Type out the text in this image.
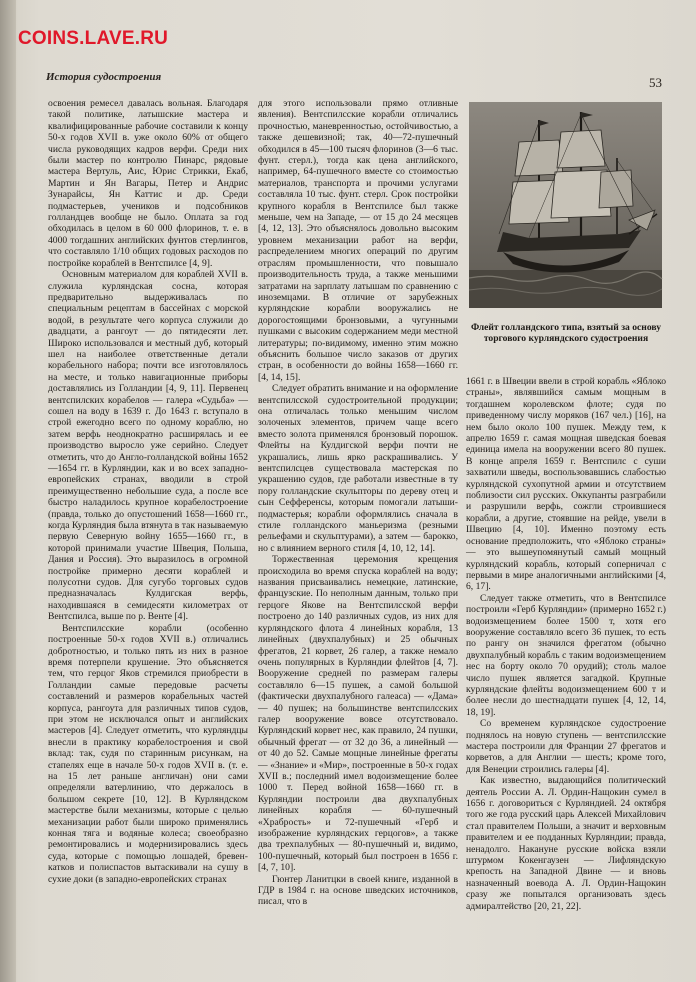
COINS.LAVE.RU
История судостроения	53

освоения ремесел давалась вольная. Благодаря такой политике, латышские мастера и квалифицированные рабочие составили к концу 50-х годов XVII в. уже около 60% от общего числа руководящих кадров верфи. Среди них были мастер по контролю Пинарс, рядовые мастера Вертуль, Аис, Юрис Стрикки, Екаб, Мартин и Ян Вагары, Петер и Андрис Зунарайсы, Ян Каттис и др. Среди подмастерьев, учеников и подсобников голландцев вообще не было. Оплата за год обходилась в целом в 60 000 флоринов, т. е. в 4000 тогдашних английских фунтов стерлингов, что составляло 1/10 общих годовых расходов по постройке кораблей в Вентспилсе [4, 9].

Основным материалом для кораблей XVII в. служила курляндская сосна, которая предварительно выдерживалась по специальным рецептам в бассейнах с морской водой, в результате чего корпуса служили до двадцати, а рангоут — до пятидесяти лет. Широко использовался и местный дуб, который шел на наиболее ответственные детали корабельного набора; почти все изготовлялось на месте, и только навигационные приборы доставлялись из Голландии [4, 9, 11]. Первенец вентспилских корабелов — галера «Судьба» — сошел на воду в 1639 г. До 1643 г. вступало в строй ежегодно всего по одному кораблю, но затем верфь неоднократно расширялась и ее производство выросло уже серийно. Следует отметить, что до Англо-голландской войны 1652—1654 гг. в Курляндии, как и во всех западно-европейских странах, вводили в строй преимущественно небольшие суда, а после все быстро наладилось крупное корабелостроение (правда, только до опустошений 1658—1660 гг., когда Курляндия была втянута в так называемую первую Северную войну 1655—1660 гг., в которой принимали участие Швеция, Польша, Дания и Россия). Это выразилось в огромной постройке примерно десяти кораблей и полусотни судов. Для сугубо торговых судов предназначалась Кулдигская верфь, находившаяся в семидесяти километрах от Вентспилса, выше по р. Венте [4].

Вентспилсские корабли (особенно построенные 50-х годов XVII в.) отличались добротностью, и только пять из них в разное время потерпели крушение. Это объясняется тем, что герцог Яков стремился приобрести в Голландии самые передовые расчеты составлений и размеров корабельных частей корпуса, рангоута для различных типов судов, при этом не исключался опыт и английских мастеров [4]. Следует отметить, что курляндцы внесли в практику корабелостроения и свой вклад: так, судя по старинным рисункам, на стапелях еще в начале 50-х годов XVII в. (т. е. на 15 лет раньше англичан) они сами определяли ватерлинию, что держалось в большом секрете [10, 12]. В Курляндском мастерстве были механизмы, которые с целью механизации работ были широко применялись конная тяга и водяные колеса; своеобразно ремонтировались и модернизировались здесь суда, которые с помощью лошадей, бревен-катков и полиспастов вытаскивали на сушу в сухие доки (в западно-европейских странах

для этого использовали прямо отливные явления). Вентспилсские корабли отличались прочностью, маневренностью, остойчивостью, а также дешевизной; так, 40—72-пушечный обходился в 45—100 тысяч флоринов (3—6 тыс. фунт. стерл.), тогда как цена английского, например, 64-пушечного вместе со стоимостью материалов, транспорта и прочими услугами составляла 10 тыс. фунт. стерл. Срок постройки крупного корабля в Вентспилсе был также меньше, чем на Западе, — от 15 до 24 месяцев [4, 12, 13]. Это объяснялось довольно высоким уровнем механизации работ на верфи, распределением многих операций по другим отраслям промышленности, что повышало производительность труда, а также меньшими затратами на зарплату латышам по сравнению с иноземцами. В отличие от зарубежных курляндские корабли вооружались не дорогостоящими бронзовыми, а чугунными пушками с высоким содержанием меди местной литературы; по-видимому, именно этим можно объяснить большое число заказов от других стран, в особенности до войны 1658—1660 гг. [4, 14, 15].

Следует обратить внимание и на оформление вентспилсской судостроительной продукции; она отличалась только меньшим числом золоченых элементов, причем чаще всего вместо золота применялся бронзовый порошок. Флейты на Кулдигской верфи почти не украшались, лишь ярко раскрашивались. У вентспилсцев существовала мастерская по украшению судов, где работали известные в ту пору голландские скульпторы по дереву отец и сын Сефференсы, которым помогали латыши-подмастерья; корабли оформлялись сначала в стиле голландского маньеризма (резными рельефами и скульптурами), а затем — барокко, но с влиянием верного стиля [4, 10, 12, 14].

Торжественная церемония крещения происходила во время спуска кораблей на воду; названия присваивались немецкие, латинские, французские. По неполным данным, только при герцоге Якове на Вентспилсской верфи построено до 140 различных судов, из них для курляндского флота 4 линейных корабля, 13 линейных (двухпалубных) и 25 обычных фрегатов, 21 корвет, 26 галер, а также немало очень популярных в Курляндии флейтов [4, 7]. Вооружение средней по размерам галеры составляло 6—15 пушек, а самой большой (фактически двухпалубного галеаса) — «Дама» — 40 пушек; на большинстве вентспилсских галер вооружение вовсе отсутствовало. Курляндский корвет нес, как правило, 24 пушки, обычный фрегат — от 32 до 36, а линейный — от 40 до 52. Самые мощные линейные фрегаты — «Знание» и «Мир», построенные в 50-х годах XVII в.; последний имел водоизмещение более 1000 т. Перед войной 1658—1660 гг. в Курляндии построили два двухпалубных линейных корабля — 60-пушечный «Храбрость» и 72-пушечный «Герб и изображение курляндских герцогов», а также два трехпалубных — 80-пушечный и, видимо, 100-пушечный, который был построен в 1656 г. [4, 7, 10].

Гюнтер Ланитцки в своей книге, изданной в ГДР в 1984 г. на основе шведских источников, писал, что в

Флейт голландского типа, взятый за основу торгового курляндского судостроения

1661 г. в Швеции ввели в строй корабль «Яблоко страны», являвшийся самым мощным в тогдашнем королевском флоте; судя по приведенному числу моряков (167 чел.) [16], на нем было около 100 пушек. Между тем, к апрелю 1659 г. самая мощная шведская боевая единица имела на вооружении всего 80 пушек. В конце апреля 1659 г. Вентспилс с суши захватили шведы, воспользовавшись слабостью курляндской сухопутной армии и отсутствием поблизости сил русских. Оккупанты разграбили и разрушили верфь, сожгли строившиеся корабли, а другие, стоявшие на рейде, увели в Швецию [4, 10]. Именно поэтому есть основание предположить, что «Яблоко страны» — это вышеупомянутый самый мощный курляндский корабль, который соперничал с первыми в мире аналогичными английскими [4, 6, 17].

Следует также отметить, что в Вентспилсе построили «Герб Курляндии» (примерно 1652 г.) водоизмещением более 1500 т, хотя его вооружение составляло всего 36 пушек, то есть по рангу он значился фрегатом (обычно двухпалубный корабль с таким водоизмещением нес на борту около 70 орудий); столь малое число пушек является загадкой. Крупные курляндские флейты водоизмещением 600 т и более несли до шестнадцати пушек [4, 12, 14, 18, 19].

Со временем курляндское судостроение поднялось на новую ступень — вентспилсские мастера построили для Франции 27 фрегатов и корветов, а для Англии — шесть; кроме того, для Венеции строились галеры [4].

Как известно, выдающийся политический деятель России А. Л. Ордин-Нащокин сумел в 1656 г. договориться с Курляндией. 24 октября того же года русский царь Алексей Михайлович стал правителем Польши, а значит и верховным правителем и ее подданных Курляндии; правда, ненадолго. Накануне русские войска взяли штурмом Кокенгаузен — Лифляндскую крепость на Западной Двине — и вновь назначенный воевода А. Л. Ордин-Нащокин сразу же попытался организовать здесь адмиралтейство [20, 21, 22].
